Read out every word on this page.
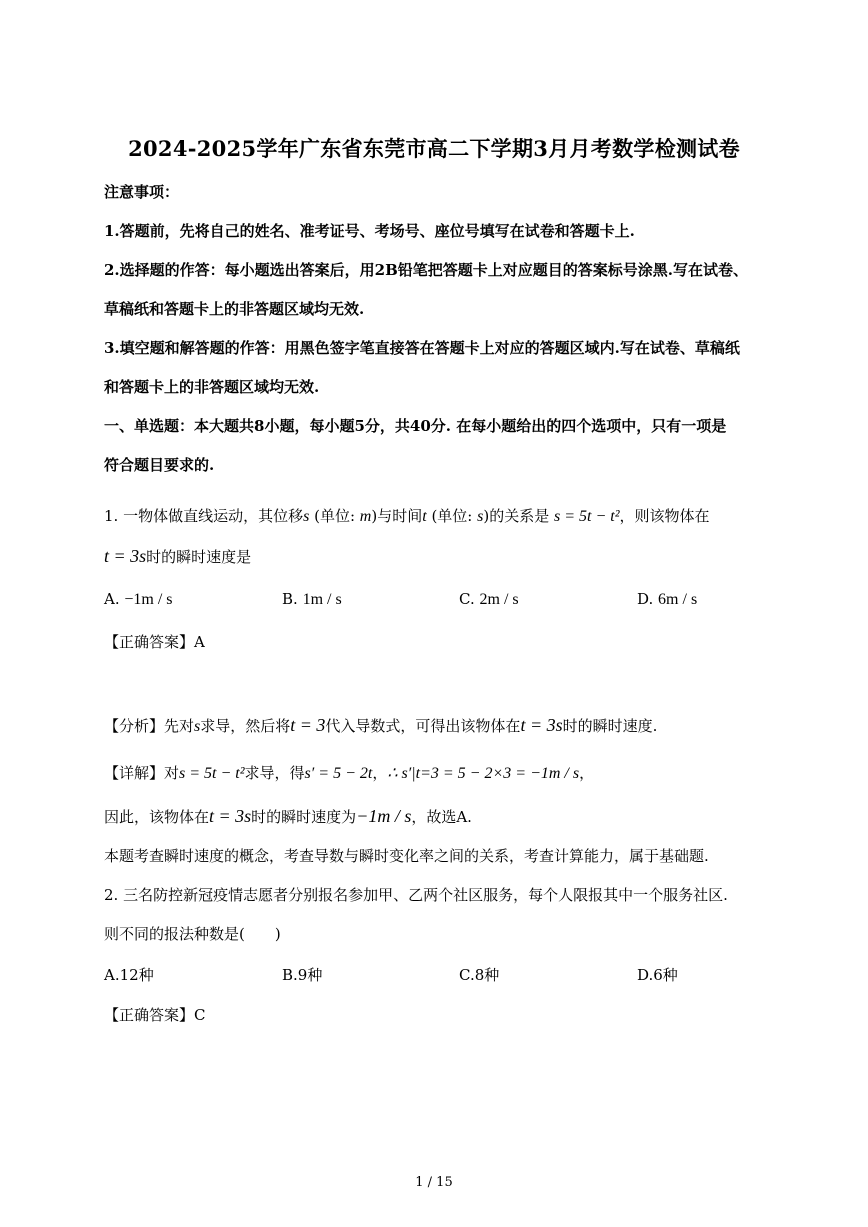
2024-2025学年广东省东莞市高二下学期3月月考数学检测试卷
注意事项：
1.答题前，先将自己的姓名、准考证号、考场号、座位号填写在试卷和答题卡上.
2.选择题的作答：每小题选出答案后，用2B铅笔把答题卡上对应题目的答案标号涂黑.写在试卷、
草稿纸和答题卡上的非答题区域均无效.
3.填空题和解答题的作答：用黑色签字笔直接答在答题卡上对应的答题区域内.写在试卷、草稿纸
和答题卡上的非答题区域均无效.
一、单选题：本大题共8小题，每小题5分，共40分. 在每小题给出的四个选项中，只有一项是
符合题目要求的.
1. 一物体做直线运动，其位移s (单位: m)与时间t (单位: s)的关系是 s = 5t − t²，则该物体在
t = 3s时的瞬时速度是
A. −1m / s	B. 1m / s	C. 2m / s	D. 6m / s
【正确答案】A
【分析】先对s求导，然后将t = 3代入导数式，可得出该物体在t = 3s时的瞬时速度.
【详解】对s = 5t − t²求导，得s′ = 5 − 2t，∴ s′|t=3 = 5 − 2×3 = −1m / s，
因此，该物体在t = 3s时的瞬时速度为−1m / s，故选A.
本题考查瞬时速度的概念，考查导数与瞬时变化率之间的关系，考查计算能力，属于基础题.
2. 三名防控新冠疫情志愿者分别报名参加甲、乙两个社区服务，每个人限报其中一个服务社区.
则不同的报法种数是(　　)
A.12种	B.9种	C.8种	D.6种
【正确答案】C
1 / 15
